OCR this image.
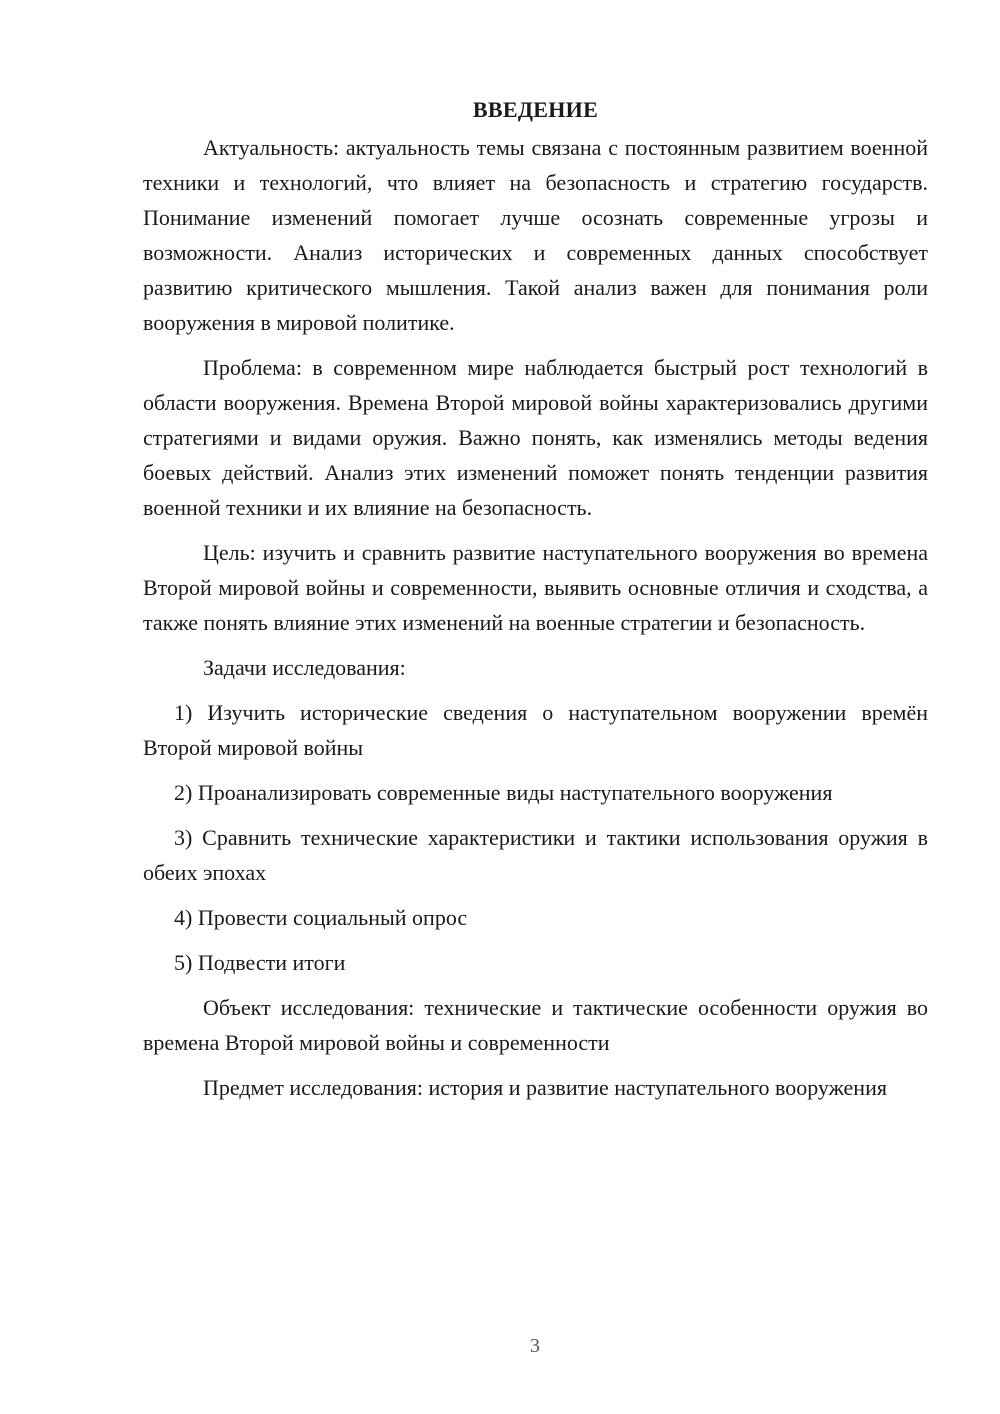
ВВЕДЕНИЕ

Актуальность: актуальность темы связана с постоянным развитием военной техники и технологий, что влияет на безопасность и стратегию государств. Понимание изменений помогает лучше осознать современные угрозы и возможности. Анализ исторических и современных данных способствует развитию критического мышления. Такой анализ важен для понимания роли вооружения в мировой политике.

Проблема: в современном мире наблюдается быстрый рост технологий в области вооружения. Времена Второй мировой войны характеризовались другими стратегиями и видами оружия. Важно понять, как изменялись методы ведения боевых действий. Анализ этих изменений поможет понять тенденции развития военной техники и их влияние на безопасность.

Цель: изучить и сравнить развитие наступательного вооружения во времена Второй мировой войны и современности, выявить основные отличия и сходства, а также понять влияние этих изменений на военные стратегии и безопасность.

Задачи исследования:

1) Изучить исторические сведения о наступательном вооружении времён Второй мировой войны

2) Проанализировать современные виды наступательного вооружения

3) Сравнить технические характеристики и тактики использования оружия в обеих эпохах

4) Провести социальный опрос

5) Подвести итоги

Объект исследования: технические и тактические особенности оружия во времена Второй мировой войны и современности

Предмет исследования: история и развитие наступательного вооружения

3
